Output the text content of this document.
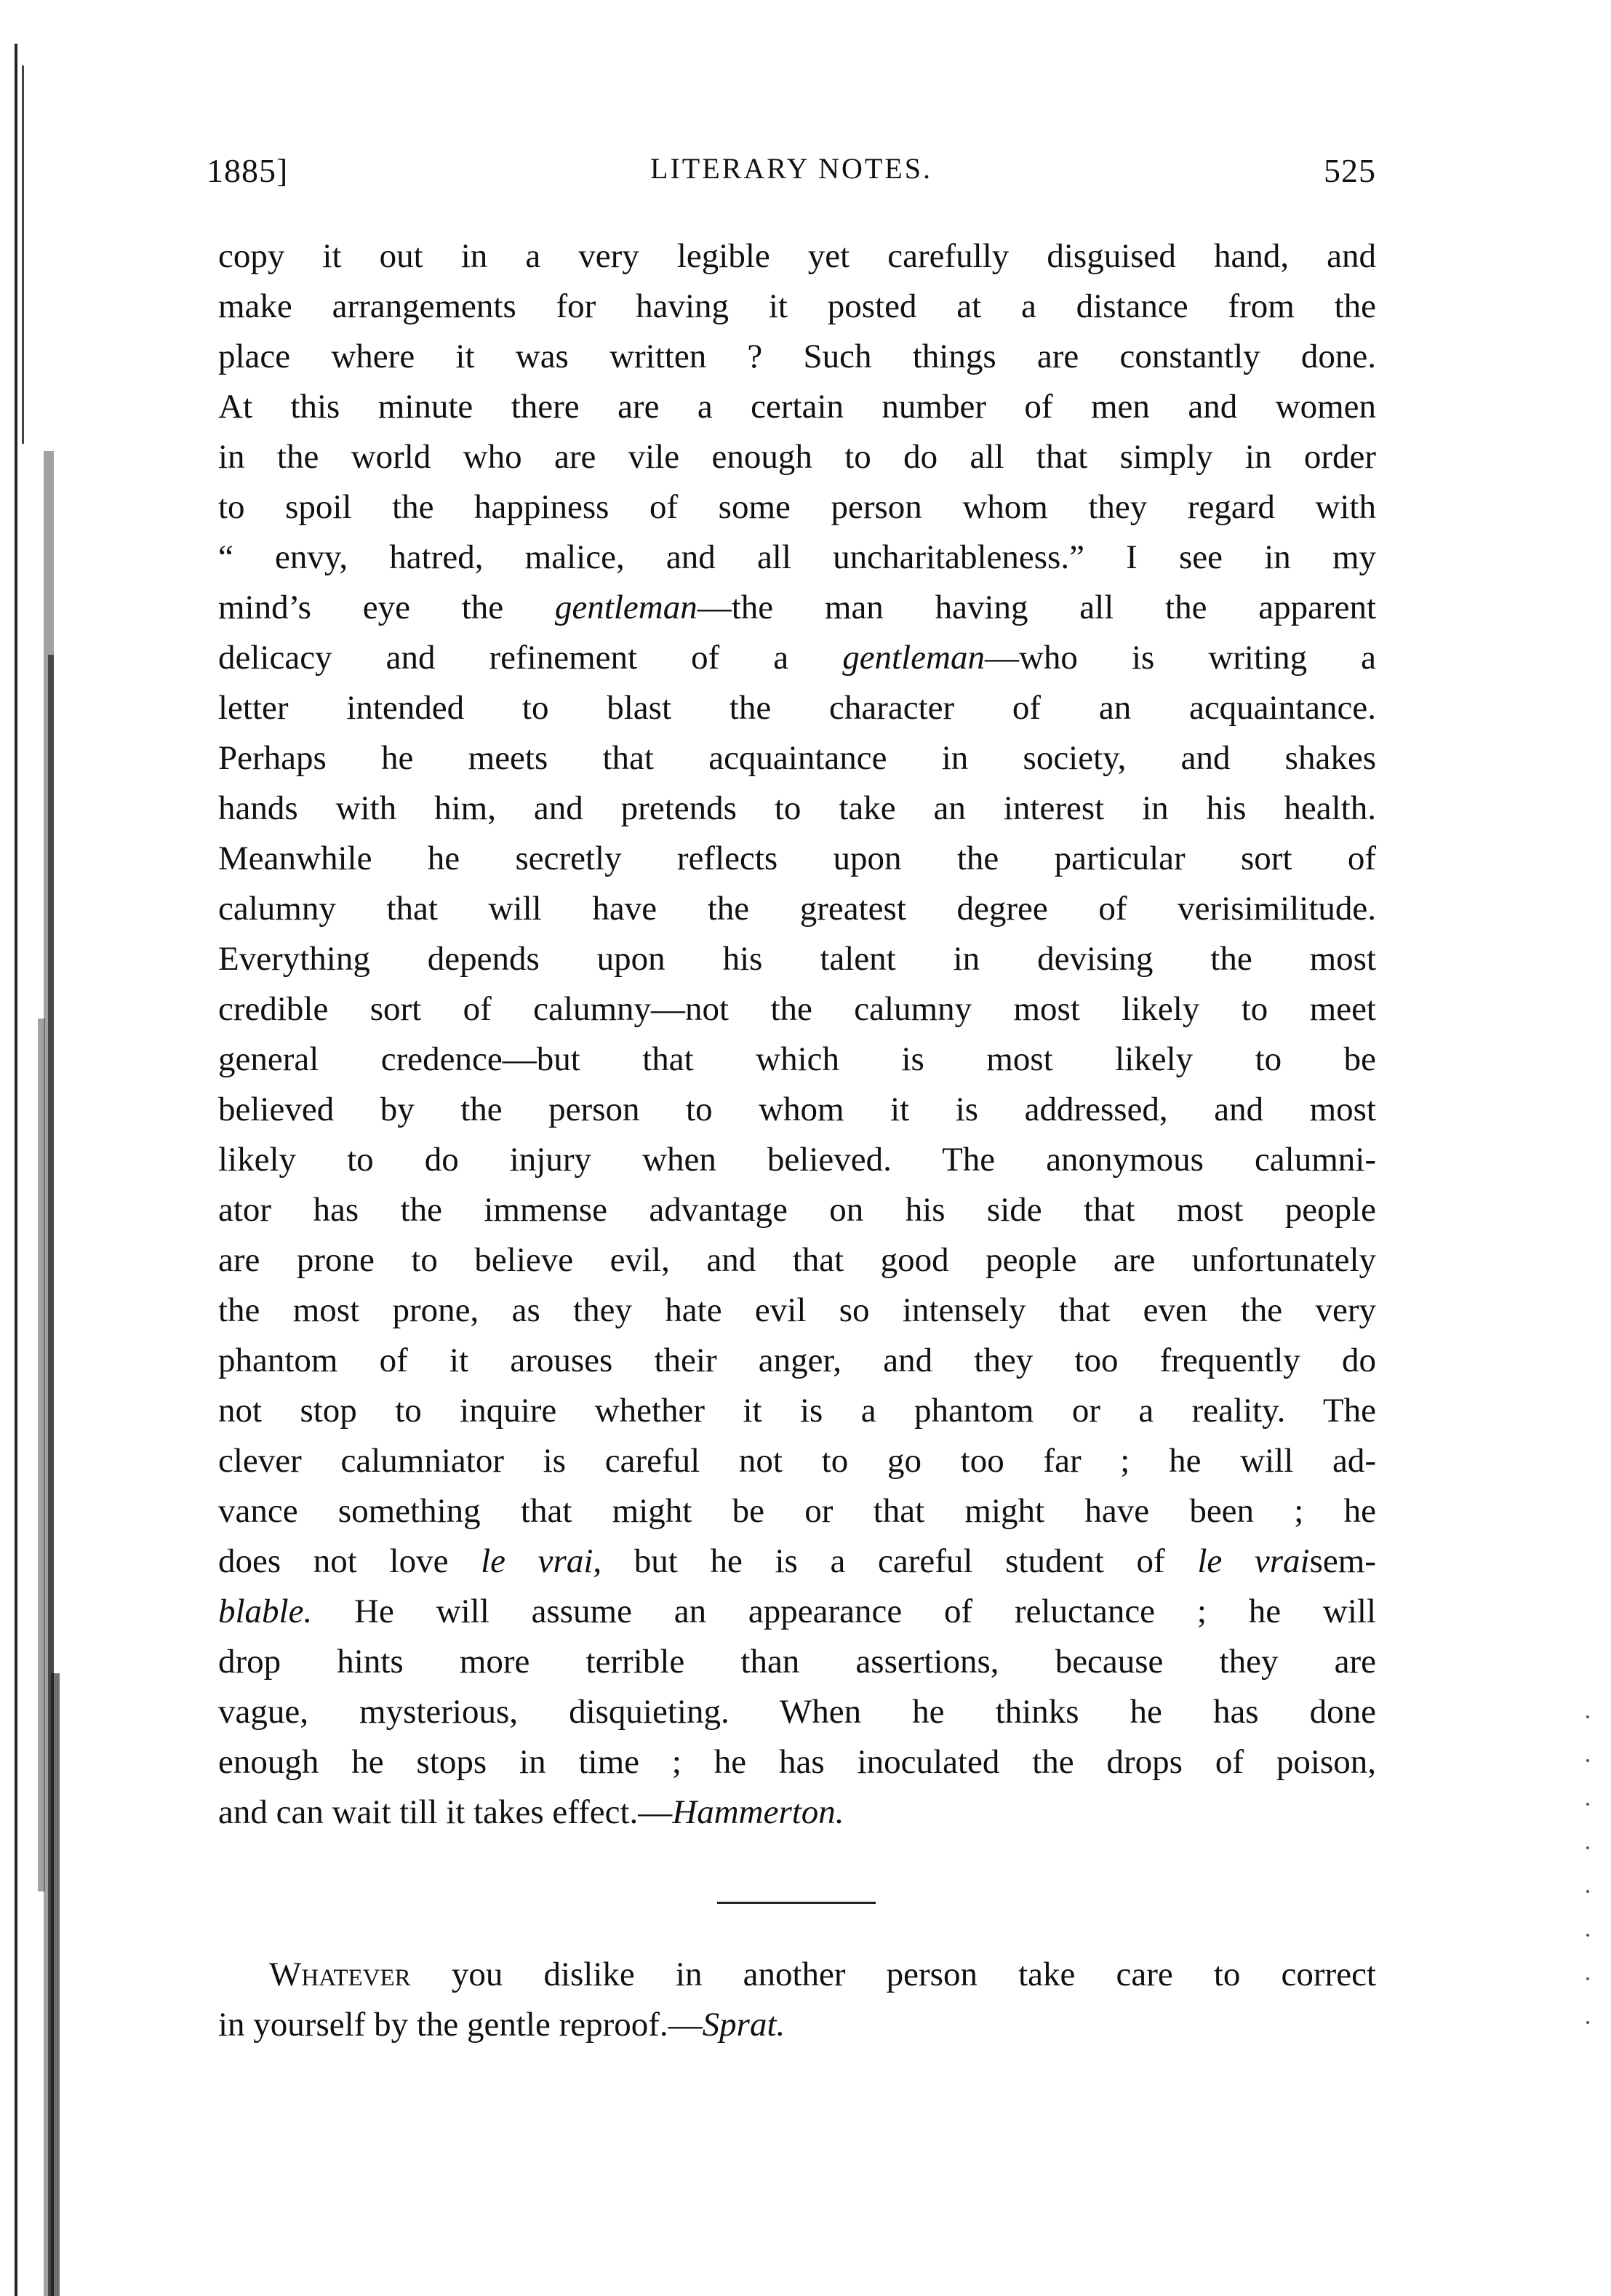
1885]	LITERARY NOTES.	525
copy it out in a very legible yet carefully disguised hand, and
make arrangements for having it posted at a distance from the
place where it was written ? Such things are constantly done.
At this minute there are a certain number of men and women
in the world who are vile enough to do all that simply in order
to spoil the happiness of some person whom they regard with
“ envy, hatred, malice, and all uncharitableness.” I see in my
mind’s eye the gentleman—the man having all the apparent
delicacy and refinement of a gentleman—who is writing a
letter intended to blast the character of an acquaintance.
Perhaps he meets that acquaintance in society, and shakes
hands with him, and pretends to take an interest in his health.
Meanwhile he secretly reflects upon the particular sort of
calumny that will have the greatest degree of verisimilitude.
Everything depends upon his talent in devising the most
credible sort of calumny—not the calumny most likely to meet
general credence—but that which is most likely to be
believed by the person to whom it is addressed, and most
likely to do injury when believed. The anonymous calumni-
ator has the immense advantage on his side that most people
are prone to believe evil, and that good people are unfortunately
the most prone, as they hate evil so intensely that even the very
phantom of it arouses their anger, and they too frequently do
not stop to inquire whether it is a phantom or a reality. The
clever calumniator is careful not to go too far ; he will ad-
vance something that might be or that might have been ; he
does not love le vrai, but he is a careful student of le vraisem-
blable. He will assume an appearance of reluctance ; he will
drop hints more terrible than assertions, because they are
vague, mysterious, disquieting. When he thinks he has done
enough he stops in time ; he has inoculated the drops of poison,
and can wait till it takes effect.—Hammerton.
Whatever you dislike in another person take care to correct
in yourself by the gentle reproof.—Sprat.
